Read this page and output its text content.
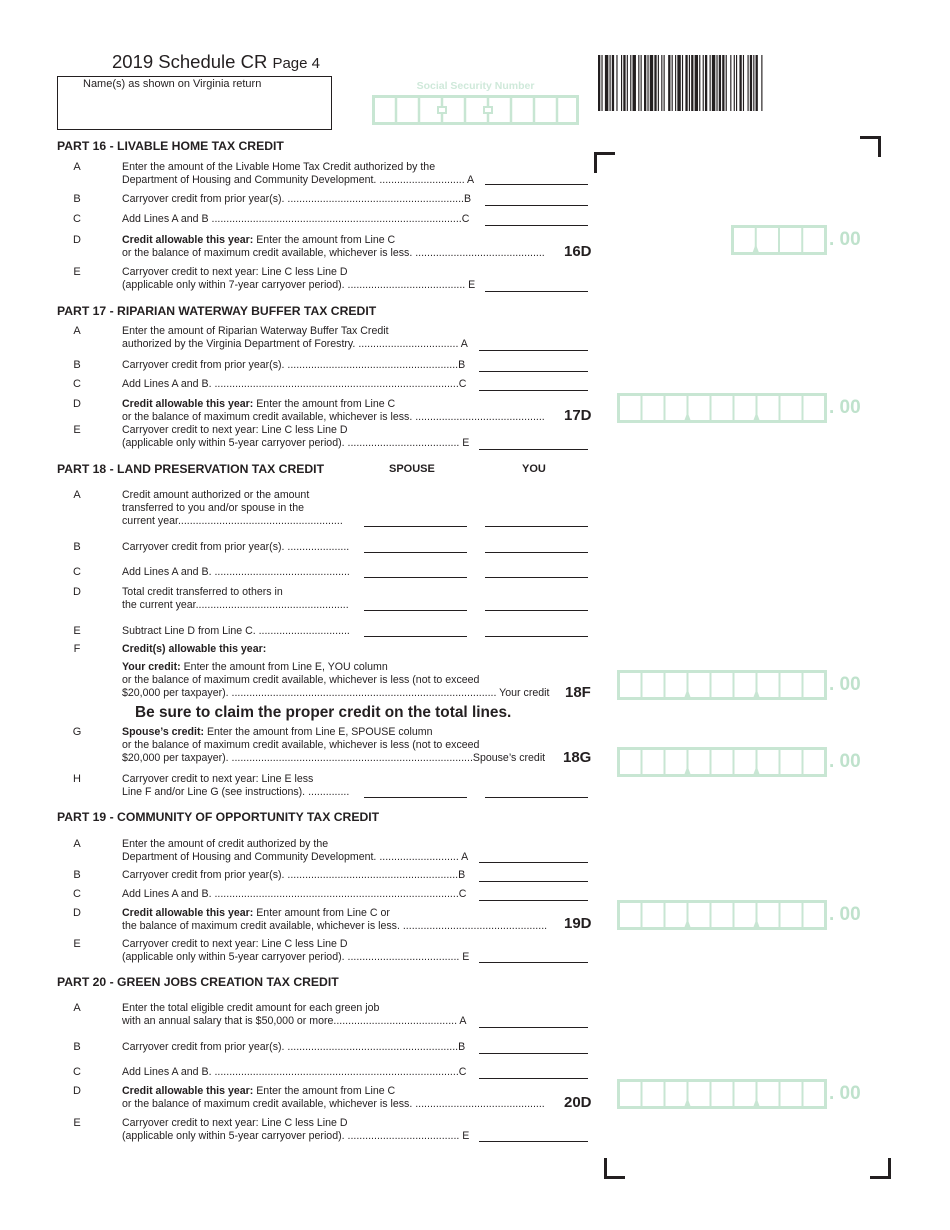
2019 Schedule CR Page 4
Name(s) as shown on Virginia return	Social Security Number
PART 16 - LIVABLE HOME TAX CREDIT
A	Enter the amount of the Livable Home Tax Credit authorized by the
Department of Housing and Community Development. ............................. A
B	Carryover credit from prior year(s). ............................................................B
C	Add Lines A and B .....................................................................................C
D	Credit allowable this year: Enter the amount from Line C
or the balance of maximum credit available, whichever is less. ............................................	16D
. 00
E	Carryover credit to next year: Line C less Line D
(applicable only within 7-year carryover period). ........................................ E
PART 17 - RIPARIAN WATERWAY BUFFER TAX CREDIT
A	Enter the amount of Riparian Waterway Buffer Tax Credit
authorized by the Virginia Department of Forestry. .................................. A
B	Carryover credit from prior year(s). ..........................................................B
C	Add Lines A and B. ...................................................................................C
D	Credit allowable this year: Enter the amount from Line C
or the balance of maximum credit available, whichever is less. ............................................	17D	. 00
E	Carryover credit to next year: Line C less Line D
(applicable only within 5-year carryover period). ...................................... E
PART 18 - LAND PRESERVATION TAX CREDIT	SPOUSE	YOU
A	Credit amount authorized or the amount
transferred to you and/or spouse in the
current year........................................................
B	Carryover credit from prior year(s). .....................
C	Add Lines A and B. ..............................................
D	Total credit transferred to others in
the current year....................................................
E	Subtract Line D from Line C. ...............................
F	Credit(s) allowable this year:
Your credit: Enter the amount from Line E, YOU column
or the balance of maximum credit available, whichever is less (not to exceed
$20,000 per taxpayer). .......................................................................................... Your credit	18F	. 00
Be sure to claim the proper credit on the total lines.
G	Spouse’s credit: Enter the amount from Line E, SPOUSE column
or the balance of maximum credit available, whichever is less (not to exceed
$20,000 per taxpayer). ..................................................................................Spouse’s credit	18G	. 00
H	Carryover credit to next year: Line E less
Line F and/or Line G (see instructions). ..............
PART 19 - COMMUNITY OF OPPORTUNITY TAX CREDIT
A	Enter the amount of credit authorized by the
Department of Housing and Community Development. ........................... A
B	Carryover credit from prior year(s). ..........................................................B
C	Add Lines A and B. ...................................................................................C
D	Credit allowable this year: Enter amount from Line C or
the balance of maximum credit available, whichever is less. .................................................	19D	. 00
E	Carryover credit to next year: Line C less Line D
(applicable only within 5-year carryover period). ...................................... E
PART 20 - GREEN JOBS CREATION TAX CREDIT
A	Enter the total eligible credit amount for each green job
with an annual salary that is $50,000 or more.......................................... A
B	Carryover credit from prior year(s). ..........................................................B
C	Add Lines A and B. ...................................................................................C
D	Credit allowable this year: Enter the amount from Line C
or the balance of maximum credit available, whichever is less. ............................................	20D	. 00
E	Carryover credit to next year: Line C less Line D
(applicable only within 5-year carryover period). ...................................... E
